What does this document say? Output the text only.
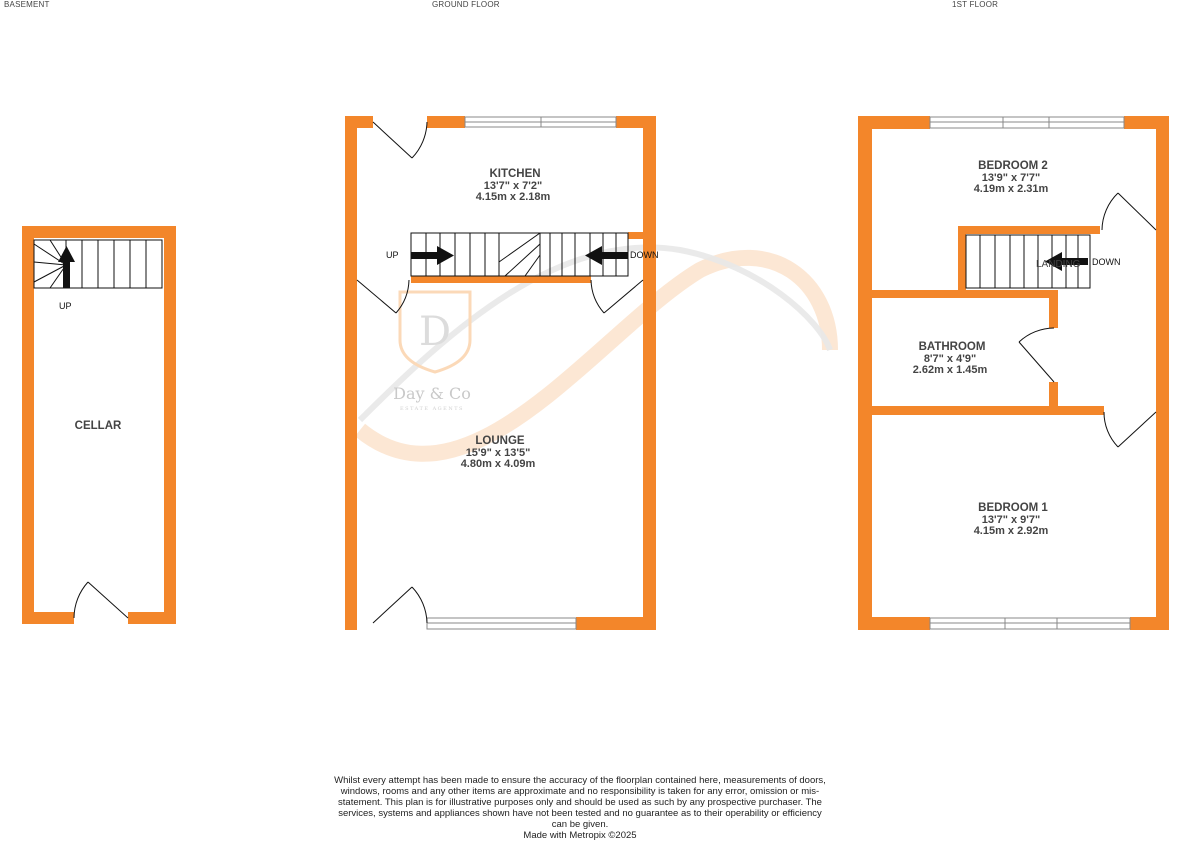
BASEMENT	GROUND FLOOR	1ST FLOOR
D
Day & Co
ESTATE AGENTS
UP
CELLAR
UP	DOWN
KITCHEN
13'7" x 7'2"
4.15m x 2.18m
LOUNGE
15'9" x 13'5"
4.80m x 4.09m
LANDING DOWN
BEDROOM 2
13'9" x 7'7"
4.19m x 2.31m
BATHROOM
8'7" x 4'9"
2.62m x 1.45m
BEDROOM 1
13'7" x 9'7"
4.15m x 2.92m

Whilst every attempt has been made to ensure the accuracy of the floorplan contained here, measurements of doors, windows, rooms and any other items are approximate and no responsibility is taken for any error, omission or mis-statement. This plan is for illustrative purposes only and should be used as such by any prospective purchaser. The services, systems and appliances shown have not been tested and no guarantee as to their operability or efficiency can be given.

Made with Metropix ©2025
